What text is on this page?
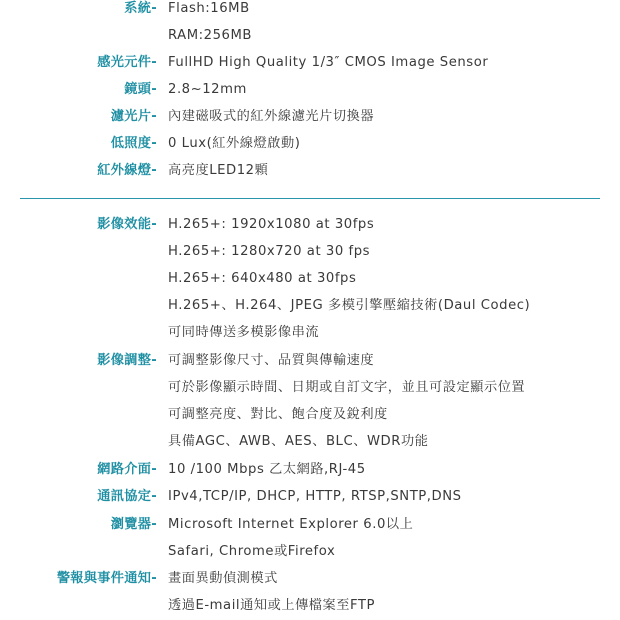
系統- Flash:16MB
RAM:256MB
感光元件- FullHD High Quality 1/3″ CMOS Image Sensor
鏡頭- 2.8~12mm
濾光片- 內建磁吸式的紅外線濾光片切換器
低照度- 0 Lux(紅外線燈啟動)
紅外線燈- 高亮度LED12顆
影像效能- H.265+: 1920x1080 at 30fps
H.265+: 1280x720 at 30 fps
H.265+: 640x480 at 30fps
H.265+、H.264、JPEG 多模引擎壓縮技術(Daul Codec)
可同時傳送多模影像串流
影像調整- 可調整影像尺寸、品質與傳輸速度
可於影像顯示時間、日期或自訂文字，並且可設定顯示位置
可調整亮度、對比、飽合度及銳利度
具備AGC、AWB、AES、BLC、WDR功能
網路介面- 10 /100 Mbps 乙太網路,RJ-45
通訊協定- IPv4,TCP/IP, DHCP, HTTP, RTSP,SNTP,DNS
瀏覽器- Microsoft Internet Explorer 6.0以上
Safari, Chrome或Firefox
警報與事件通知- 畫面異動偵測模式
透過E-mail通知或上傳檔案至FTP
